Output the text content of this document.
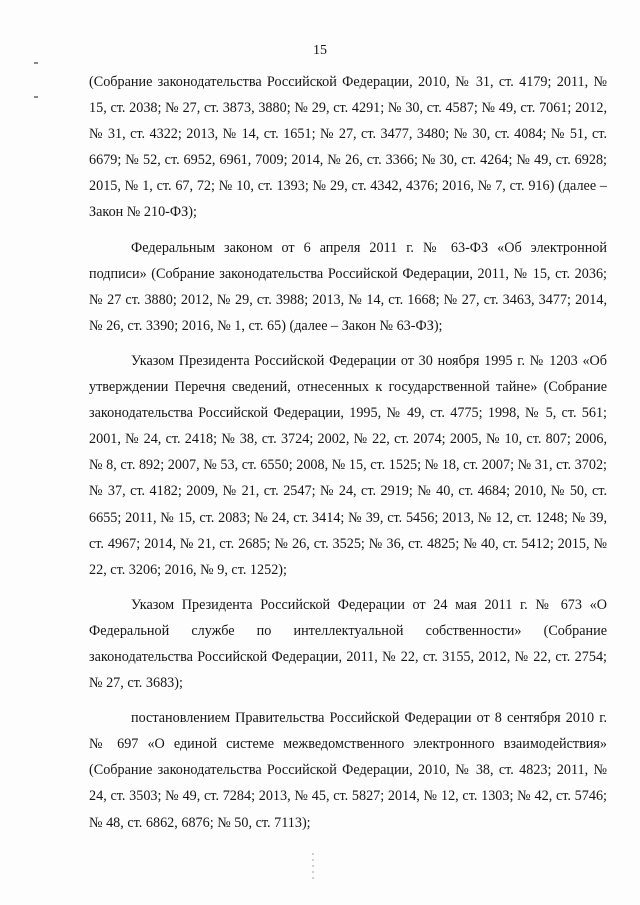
15

(Собрание законодательства Российской Федерации, 2010, № 31, ст. 4179; 2011, № 15, ст. 2038; № 27, ст. 3873, 3880; № 29, ст. 4291; № 30, ст. 4587; № 49, ст. 7061; 2012, № 31, ст. 4322; 2013, № 14, ст. 1651; № 27, ст. 3477, 3480; № 30, ст. 4084; № 51, ст. 6679; № 52, ст. 6952, 6961, 7009; 2014, № 26, ст. 3366; № 30, ст. 4264; № 49, ст. 6928; 2015, № 1, ст. 67, 72; № 10, ст. 1393; № 29, ст. 4342, 4376; 2016, № 7, ст. 916) (далее – Закон № 210-ФЗ);

Федеральным законом от 6 апреля 2011 г. № 63-ФЗ «Об электронной подписи» (Собрание законодательства Российской Федерации, 2011, № 15, ст. 2036; № 27 ст. 3880; 2012, № 29, ст. 3988; 2013, № 14, ст. 1668; № 27, ст. 3463, 3477; 2014, № 26, ст. 3390; 2016, № 1, ст. 65) (далее – Закон № 63-ФЗ);

Указом Президента Российской Федерации от 30 ноября 1995 г. № 1203 «Об утверждении Перечня сведений, отнесенных к государственной тайне» (Собрание законодательства Российской Федерации, 1995, № 49, ст. 4775; 1998, № 5, ст. 561; 2001, № 24, ст. 2418; № 38, ст. 3724; 2002, № 22, ст. 2074; 2005, № 10, ст. 807; 2006, № 8, ст. 892; 2007, № 53, ст. 6550; 2008, № 15, ст. 1525; № 18, ст. 2007; № 31, ст. 3702; № 37, ст. 4182; 2009, № 21, ст. 2547; № 24, ст. 2919; № 40, ст. 4684; 2010, № 50, ст. 6655; 2011, № 15, ст. 2083; № 24, ст. 3414; № 39, ст. 5456; 2013, № 12, ст. 1248; № 39, ст. 4967; 2014, № 21, ст. 2685; № 26, ст. 3525; № 36, ст. 4825; № 40, ст. 5412; 2015, № 22, ст. 3206; 2016, № 9, ст. 1252);

Указом Президента Российской Федерации от 24 мая 2011 г. № 673 «О Федеральной службе по интеллектуальной собственности» (Собрание законодательства Российской Федерации, 2011, № 22, ст. 3155, 2012, № 22, ст. 2754; № 27, ст. 3683);

постановлением Правительства Российской Федерации от 8 сентября 2010 г. № 697 «О единой системе межведомственного электронного взаимодействия» (Собрание законодательства Российской Федерации, 2010, № 38, ст. 4823; 2011, № 24, ст. 3503; № 49, ст. 7284; 2013, № 45, ст. 5827; 2014, № 12, ст. 1303; № 42, ст. 5746; № 48, ст. 6862, 6876; № 50, ст. 7113);
